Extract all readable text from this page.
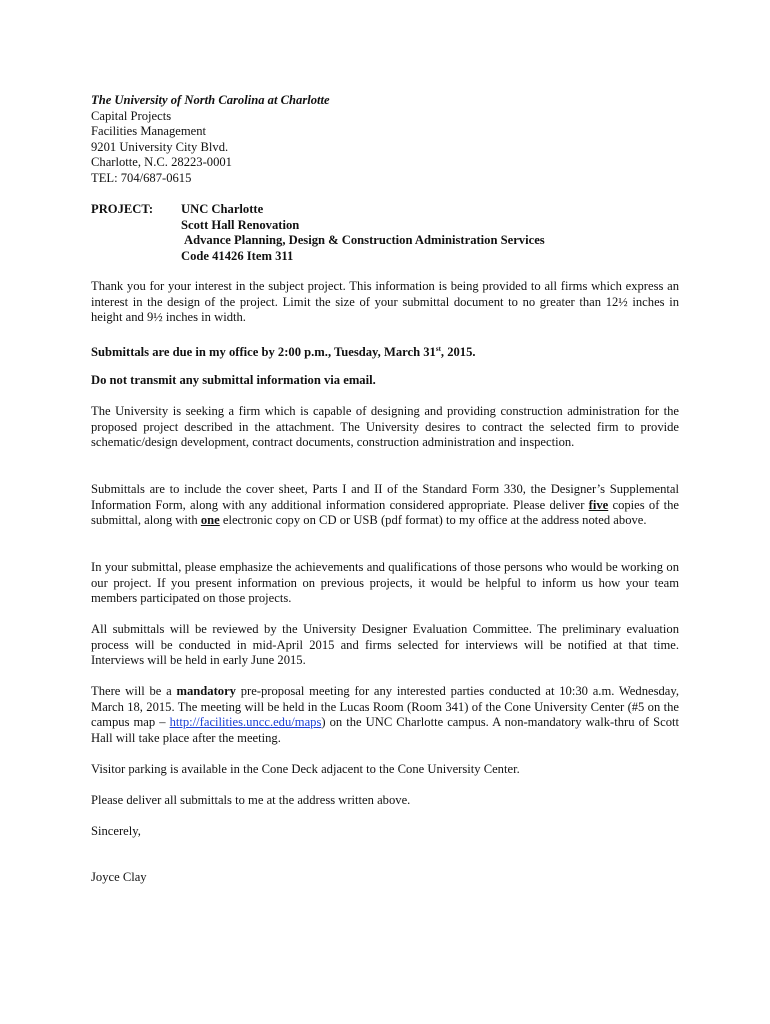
The University of North Carolina at Charlotte
Capital Projects
Facilities Management
9201 University City Blvd.
Charlotte, N.C. 28223-0001
TEL: 704/687-0615
PROJECT: UNC Charlotte
Scott Hall Renovation
Advance Planning, Design & Construction Administration Services
Code 41426 Item 311

Thank you for your interest in the subject project. This information is being provided to all firms which express an interest in the design of the project. Limit the size of your submittal document to no greater than 12½ inches in height and 9½ inches in width.

Submittals are due in my office by 2:00 p.m., Tuesday, March 31st, 2015.

Do not transmit any submittal information via email.

The University is seeking a firm which is capable of designing and providing construction administration for the proposed project described in the attachment. The University desires to contract the selected firm to provide schematic/design development, contract documents, construction administration and inspection.

Submittals are to include the cover sheet, Parts I and II of the Standard Form 330, the Designer’s Supplemental Information Form, along with any additional information considered appropriate. Please deliver five copies of the submittal, along with one electronic copy on CD or USB (pdf format) to my office at the address noted above.

In your submittal, please emphasize the achievements and qualifications of those persons who would be working on our project. If you present information on previous projects, it would be helpful to inform us how your team members participated on those projects.

All submittals will be reviewed by the University Designer Evaluation Committee. The preliminary evaluation process will be conducted in mid-April 2015 and firms selected for interviews will be notified at that time. Interviews will be held in early June 2015.

There will be a mandatory pre-proposal meeting for any interested parties conducted at 10:30 a.m. Wednesday, March 18, 2015. The meeting will be held in the Lucas Room (Room 341) of the Cone University Center (#5 on the campus map – http://facilities.uncc.edu/maps) on the UNC Charlotte campus. A non-mandatory walk-thru of Scott Hall will take place after the meeting.

Visitor parking is available in the Cone Deck adjacent to the Cone University Center.

Please deliver all submittals to me at the address written above.

Sincerely,

Joyce Clay
